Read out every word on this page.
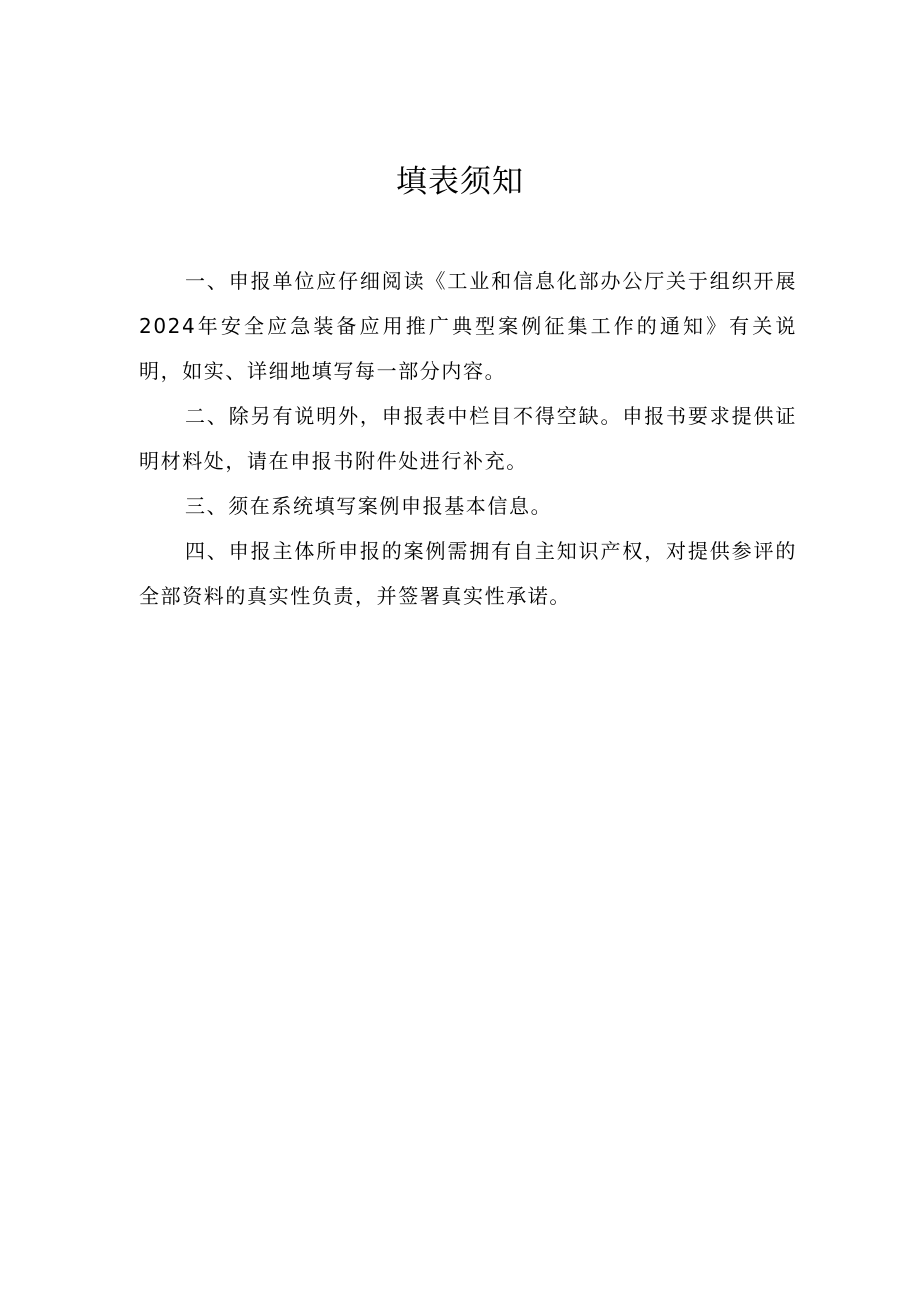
填表须知

一、申报单位应仔细阅读《工业和信息化部办公厅关于组织开展2024年安全应急装备应用推广典型案例征集工作的通知》有关说明，如实、详细地填写每一部分内容。

二、除另有说明外，申报表中栏目不得空缺。申报书要求提供证明材料处，请在申报书附件处进行补充。

三、须在系统填写案例申报基本信息。

四、申报主体所申报的案例需拥有自主知识产权，对提供参评的全部资料的真实性负责，并签署真实性承诺。
